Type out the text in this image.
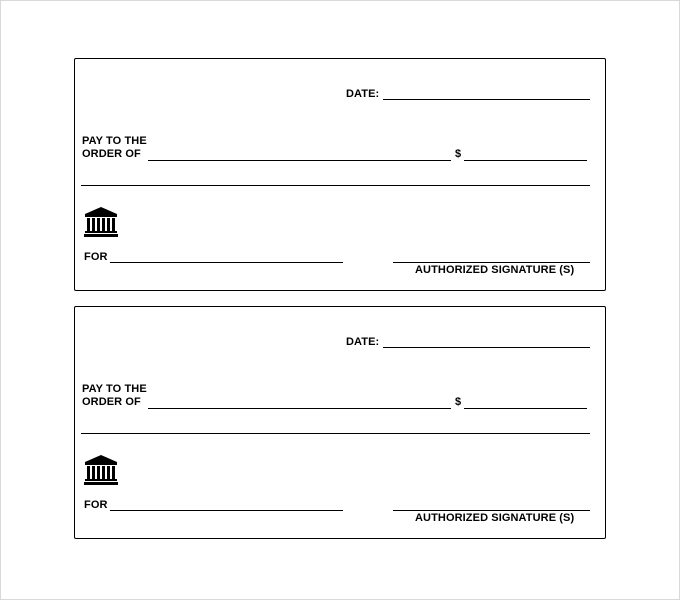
DATE:
PAY TO THE
ORDER OF	$
FOR
AUTHORIZED SIGNATURE (S)
DATE:
PAY TO THE
ORDER OF	$
FOR
AUTHORIZED SIGNATURE (S)
